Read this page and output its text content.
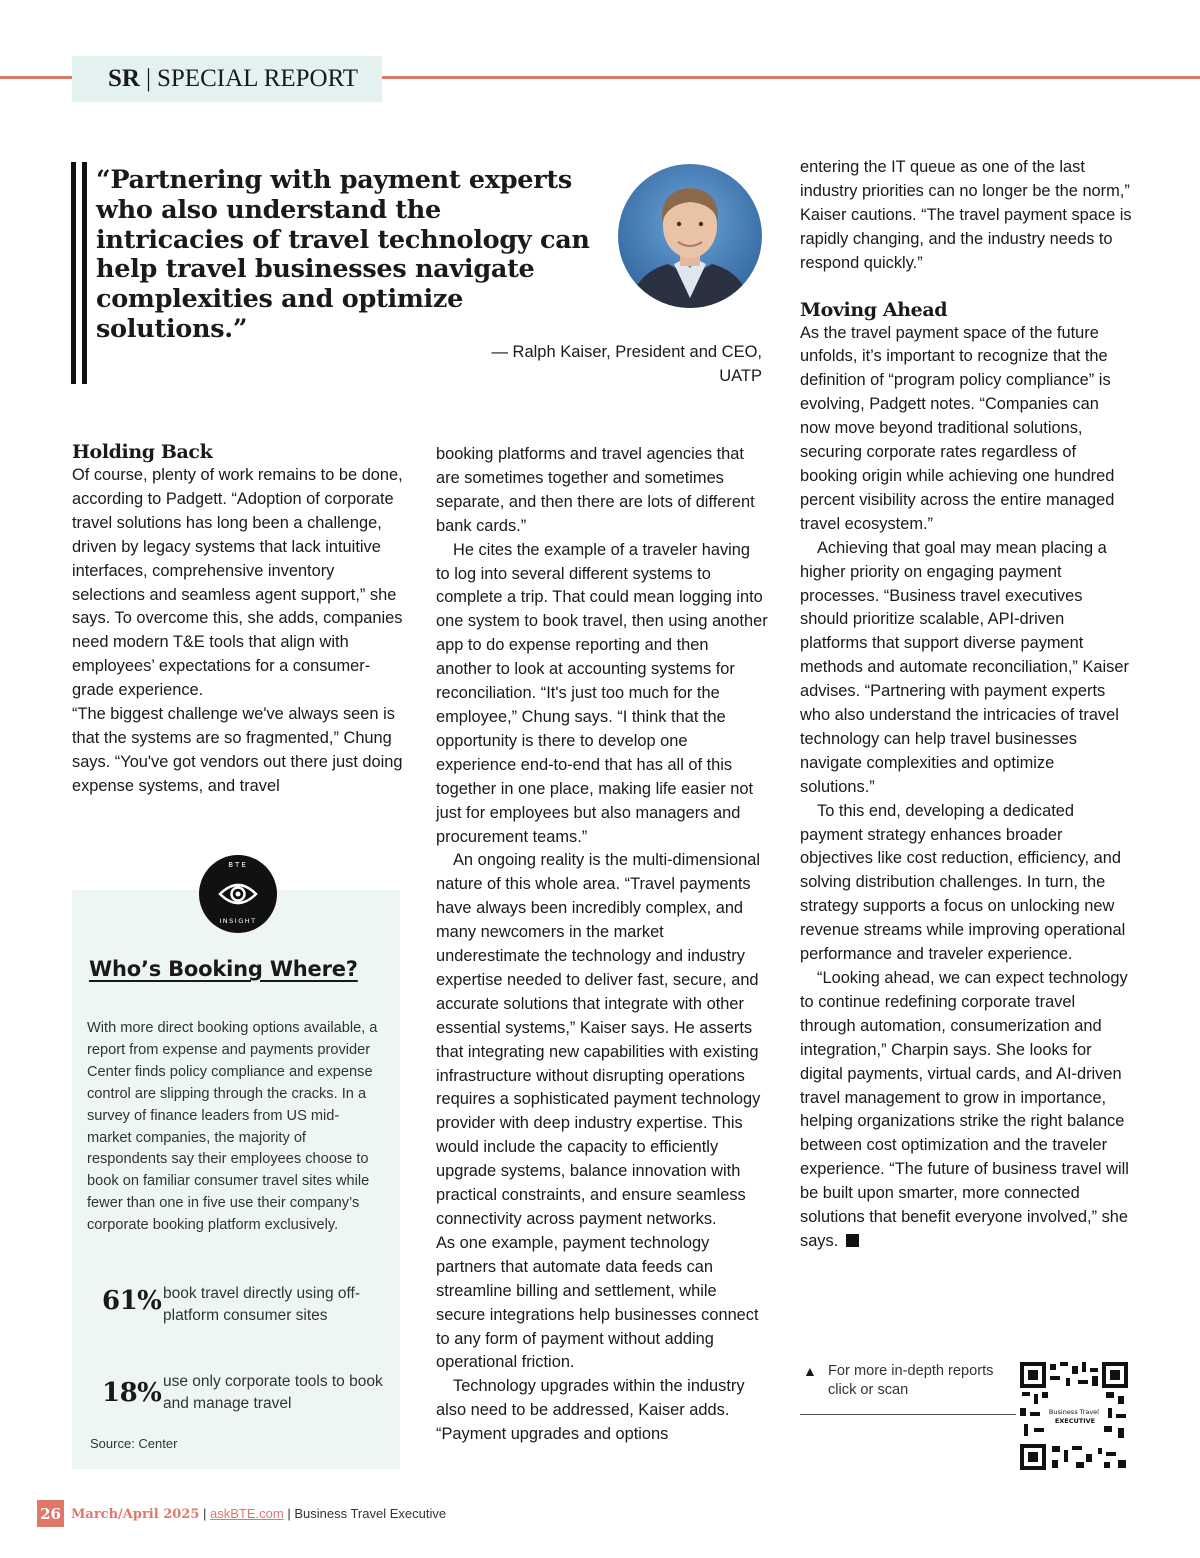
SR | SPECIAL REPORT

“Partnering with payment experts who also understand the intricacies of travel technology can help travel businesses navigate complexities and optimize solutions.”

— Ralph Kaiser, President and CEO,
UATP

Holding Back

Of course, plenty of work remains to be done, according to Padgett. “Adoption of corporate travel solutions has long been a challenge, driven by legacy systems that lack intuitive interfaces, comprehensive inventory selections and seamless agent support,” she says. To overcome this, she adds, companies need modern T&E tools that align with employees’ expectations for a consumer-grade experience.

“The biggest challenge we've always seen is that the systems are so fragmented,” Chung says. “You've got vendors out there just doing expense systems, and travel

BTE
INSIGHT
Who’s Booking Where?

With more direct booking options available, a report from expense and payments provider Center finds policy compliance and expense control are slipping through the cracks. In a survey of finance leaders from US mid-market companies, the majority of respondents say their employees choose to book on familiar consumer travel sites while fewer than one in five use their company’s corporate booking platform exclusively.

61% book travel directly using off-platform consumer sites

18% use only corporate tools to book and manage travel

Source: Center

booking platforms and travel agencies that are sometimes together and sometimes separate, and then there are lots of different bank cards.”

He cites the example of a traveler having to log into several different systems to complete a trip. That could mean logging into one system to book travel, then using another app to do expense reporting and then another to look at accounting systems for reconciliation. “It's just too much for the employee,” Chung says. “I think that the opportunity is there to develop one experience end-to-end that has all of this together in one place, making life easier not just for employees but also managers and procurement teams.”

An ongoing reality is the multi-dimensional nature of this whole area. “Travel payments have always been incredibly complex, and many newcomers in the market underestimate the technology and industry expertise needed to deliver fast, secure, and accurate solutions that integrate with other essential systems,” Kaiser says. He asserts that integrating new capabilities with existing infrastructure without disrupting operations requires a sophisticated payment technology provider with deep industry expertise. This would include the capacity to efficiently upgrade systems, balance innovation with practical constraints, and ensure seamless connectivity across payment networks.

As one example, payment technology partners that automate data feeds can streamline billing and settlement, while secure integrations help businesses connect to any form of payment without adding operational friction.

Technology upgrades within the industry also need to be addressed, Kaiser adds. “Payment upgrades and options

entering the IT queue as one of the last industry priorities can no longer be the norm,” Kaiser cautions. “The travel payment space is rapidly changing, and the industry needs to respond quickly.”

Moving Ahead

As the travel payment space of the future unfolds, it’s important to recognize that the definition of “program policy compliance” is evolving, Padgett notes. “Companies can now move beyond traditional solutions, securing corporate rates regardless of booking origin while achieving one hundred percent visibility across the entire managed travel ecosystem.”

Achieving that goal may mean placing a higher priority on engaging payment processes. “Business travel executives should prioritize scalable, API-driven platforms that support diverse payment methods and automate reconciliation,” Kaiser advises. “Partnering with payment experts who also understand the intricacies of travel technology can help travel businesses navigate complexities and optimize solutions.”

To this end, developing a dedicated payment strategy enhances broader objectives like cost reduction, efficiency, and solving distribution challenges. In turn, the strategy supports a focus on unlocking new revenue streams while improving operational performance and traveler experience.

“Looking ahead, we can expect technology to continue redefining corporate travel through automation, consumerization and integration,” Charpin says. She looks for digital payments, virtual cards, and AI-driven travel management to grow in importance, helping organizations strike the right balance between cost optimization and the traveler experience. “The future of business travel will be built upon smarter, more connected solutions that benefit everyone involved,” she says.

▲ For more in-depth reports click or scan

Business Travel EXECUTIVE
26 March/April 2025 | askBTE.com | Business Travel Executive
